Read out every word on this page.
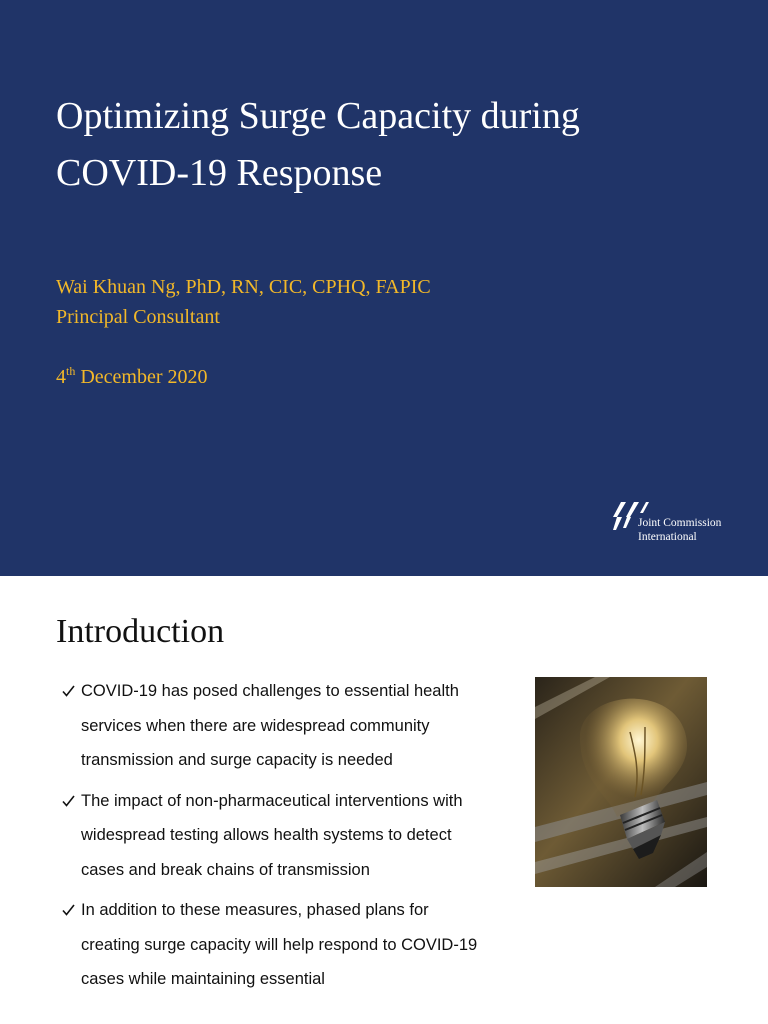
Optimizing Surge Capacity during COVID-19 Response
Wai Khuan Ng, PhD, RN, CIC, CPHQ, FAPIC
Principal Consultant
4th December 2020
Joint Commission
International
Introduction
COVID-19 has posed challenges to essential health services when there are widespread community transmission and surge capacity is needed
The impact of non-pharmaceutical interventions with widespread testing allows health systems to detect cases and break chains of transmission
In addition to these measures, phased plans for creating surge capacity will help respond to COVID-19 cases while maintaining essential
